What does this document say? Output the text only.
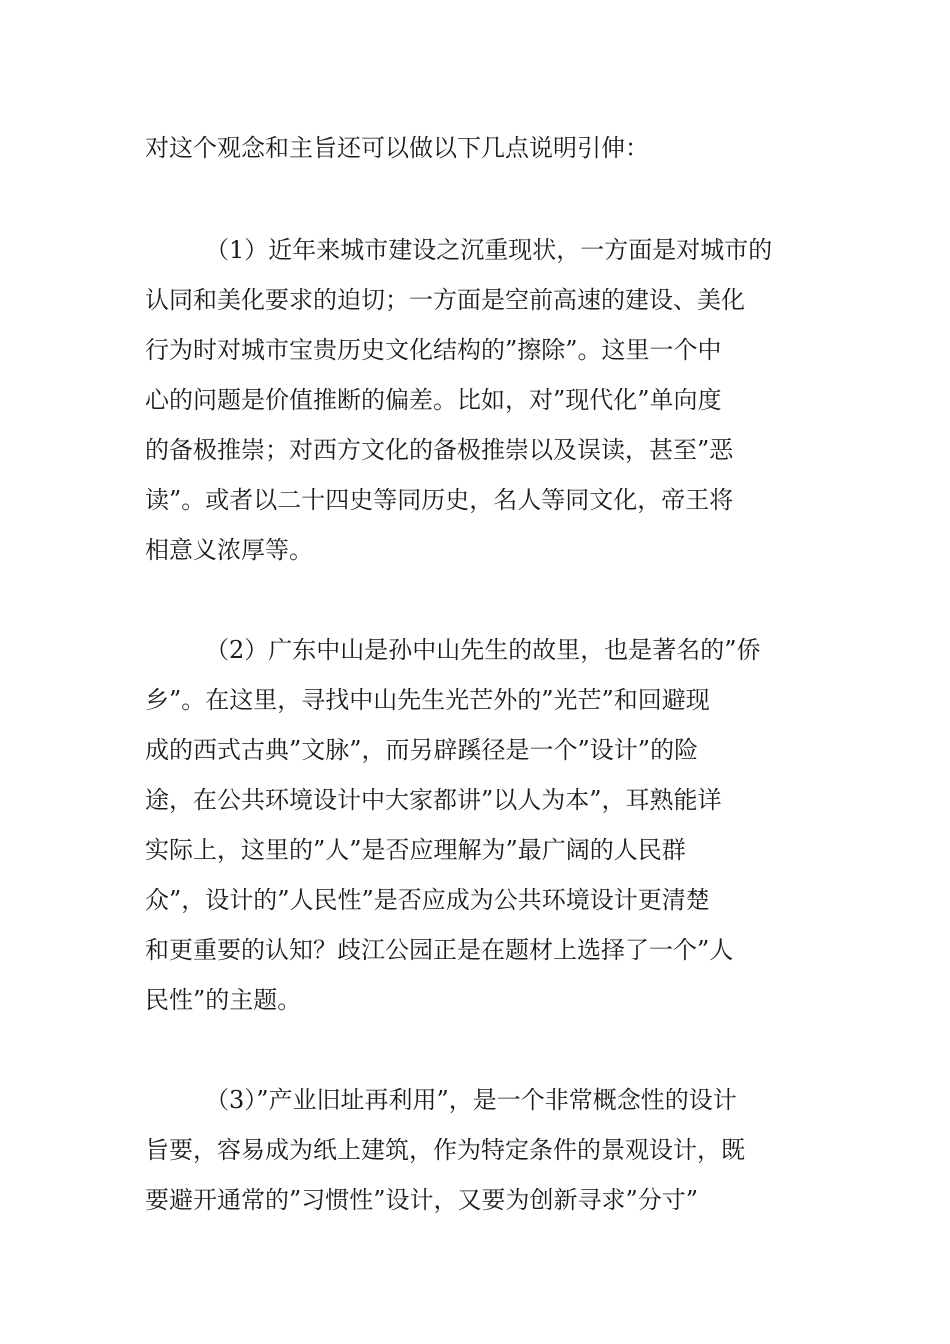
对这个观念和主旨还可以做以下几点说明引伸：
（1）近年来城市建设之沉重现状，一方面是对城市的
认同和美化要求的迫切；一方面是空前高速的建设、美化
行为时对城市宝贵历史文化结构的”擦除”。这里一个中
心的问题是价值推断的偏差。比如，对”现代化”单向度
的备极推崇；对西方文化的备极推崇以及误读，甚至”恶
读”。或者以二十四史等同历史，名人等同文化，帝王将
相意义浓厚等。
（2）广东中山是孙中山先生的故里，也是著名的”侨
乡”。在这里，寻找中山先生光芒外的”光芒”和回避现
成的西式古典”文脉”，而另辟蹊径是一个”设计”的险
途，在公共环境设计中大家都讲”以人为本”，耳熟能详
实际上，这里的”人”是否应理解为”最广阔的人民群
众”，设计的”人民性”是否应成为公共环境设计更清楚
和更重要的认知？歧江公园正是在题材上选择了一个”人
民性”的主题。
（3）”产业旧址再利用”，是一个非常概念性的设计
旨要，容易成为纸上建筑，作为特定条件的景观设计，既
要避开通常的”习惯性”设计，又要为创新寻求”分寸”
